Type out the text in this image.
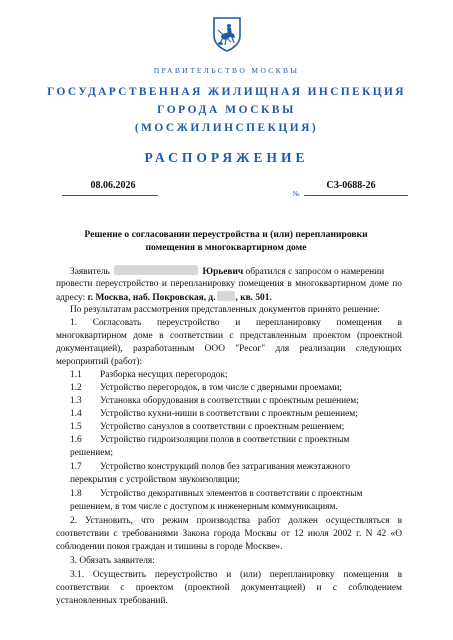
ПРАВИТЕЛЬСТВО МОСКВЫ
ГОСУДАРСТВЕННАЯ ЖИЛИЩНАЯ ИНСПЕКЦИЯ
ГОРОДА МОСКВЫ
(МОСЖИЛИНСПЕКЦИЯ)
РАСПОРЯЖЕНИЕ
08.06.2026
№
СЗ-0688-26
Решение о согласовании переустройства и (или) перепланировки
помещения в многоквартирном доме
Заявитель	Юрьевич обратился с запросом о намерении
провести переустройство и перепланировку помещения в многоквартирном доме по
адресу: г. Москва, наб. Покровская, д. , кв. 501.
По результатам рассмотрения представленных документов принято решение:
1. Согласовать переустройство и перепланировку помещения в
многоквартирном доме в соответствии с представленным проектом (проектной
документацией), разработанным ООО "Ресог" для реализации следующих
мероприятий (работ):
1.1 Разборка несущих перегородок;
1.2 Устройство перегородок, в том числе с дверными проемами;
1.3 Установка оборудования в соответствии с проектным решением;
1.4 Устройство кухни-ниши в соответствии с проектным решением;
1.5 Устройство санузлов в соответствии с проектным решением;
1.6 Устройство гидроизоляции полов в соответствии с проектным
решением;
1.7 Устройство конструкций полов без затрагивания межэтажного
перекрытия с устройством звукоизоляции;
1.8 Устройство декоративных элементов в соответствии с проектным
решением, в том числе с доступом к инженерным коммуникациям.
2. Установить, что режим производства работ должен осуществляться в
соответствии с требованиями Закона города Москвы от 12 июля 2002 г. N 42 «О
соблюдении покоя граждан и тишины в городе Москве».
3. Обязать заявителя:
3.1. Осуществить переустройство и (или) перепланировку помещения в
соответствии с проектом (проектной документацией) и с соблюдением
установленных требований.
